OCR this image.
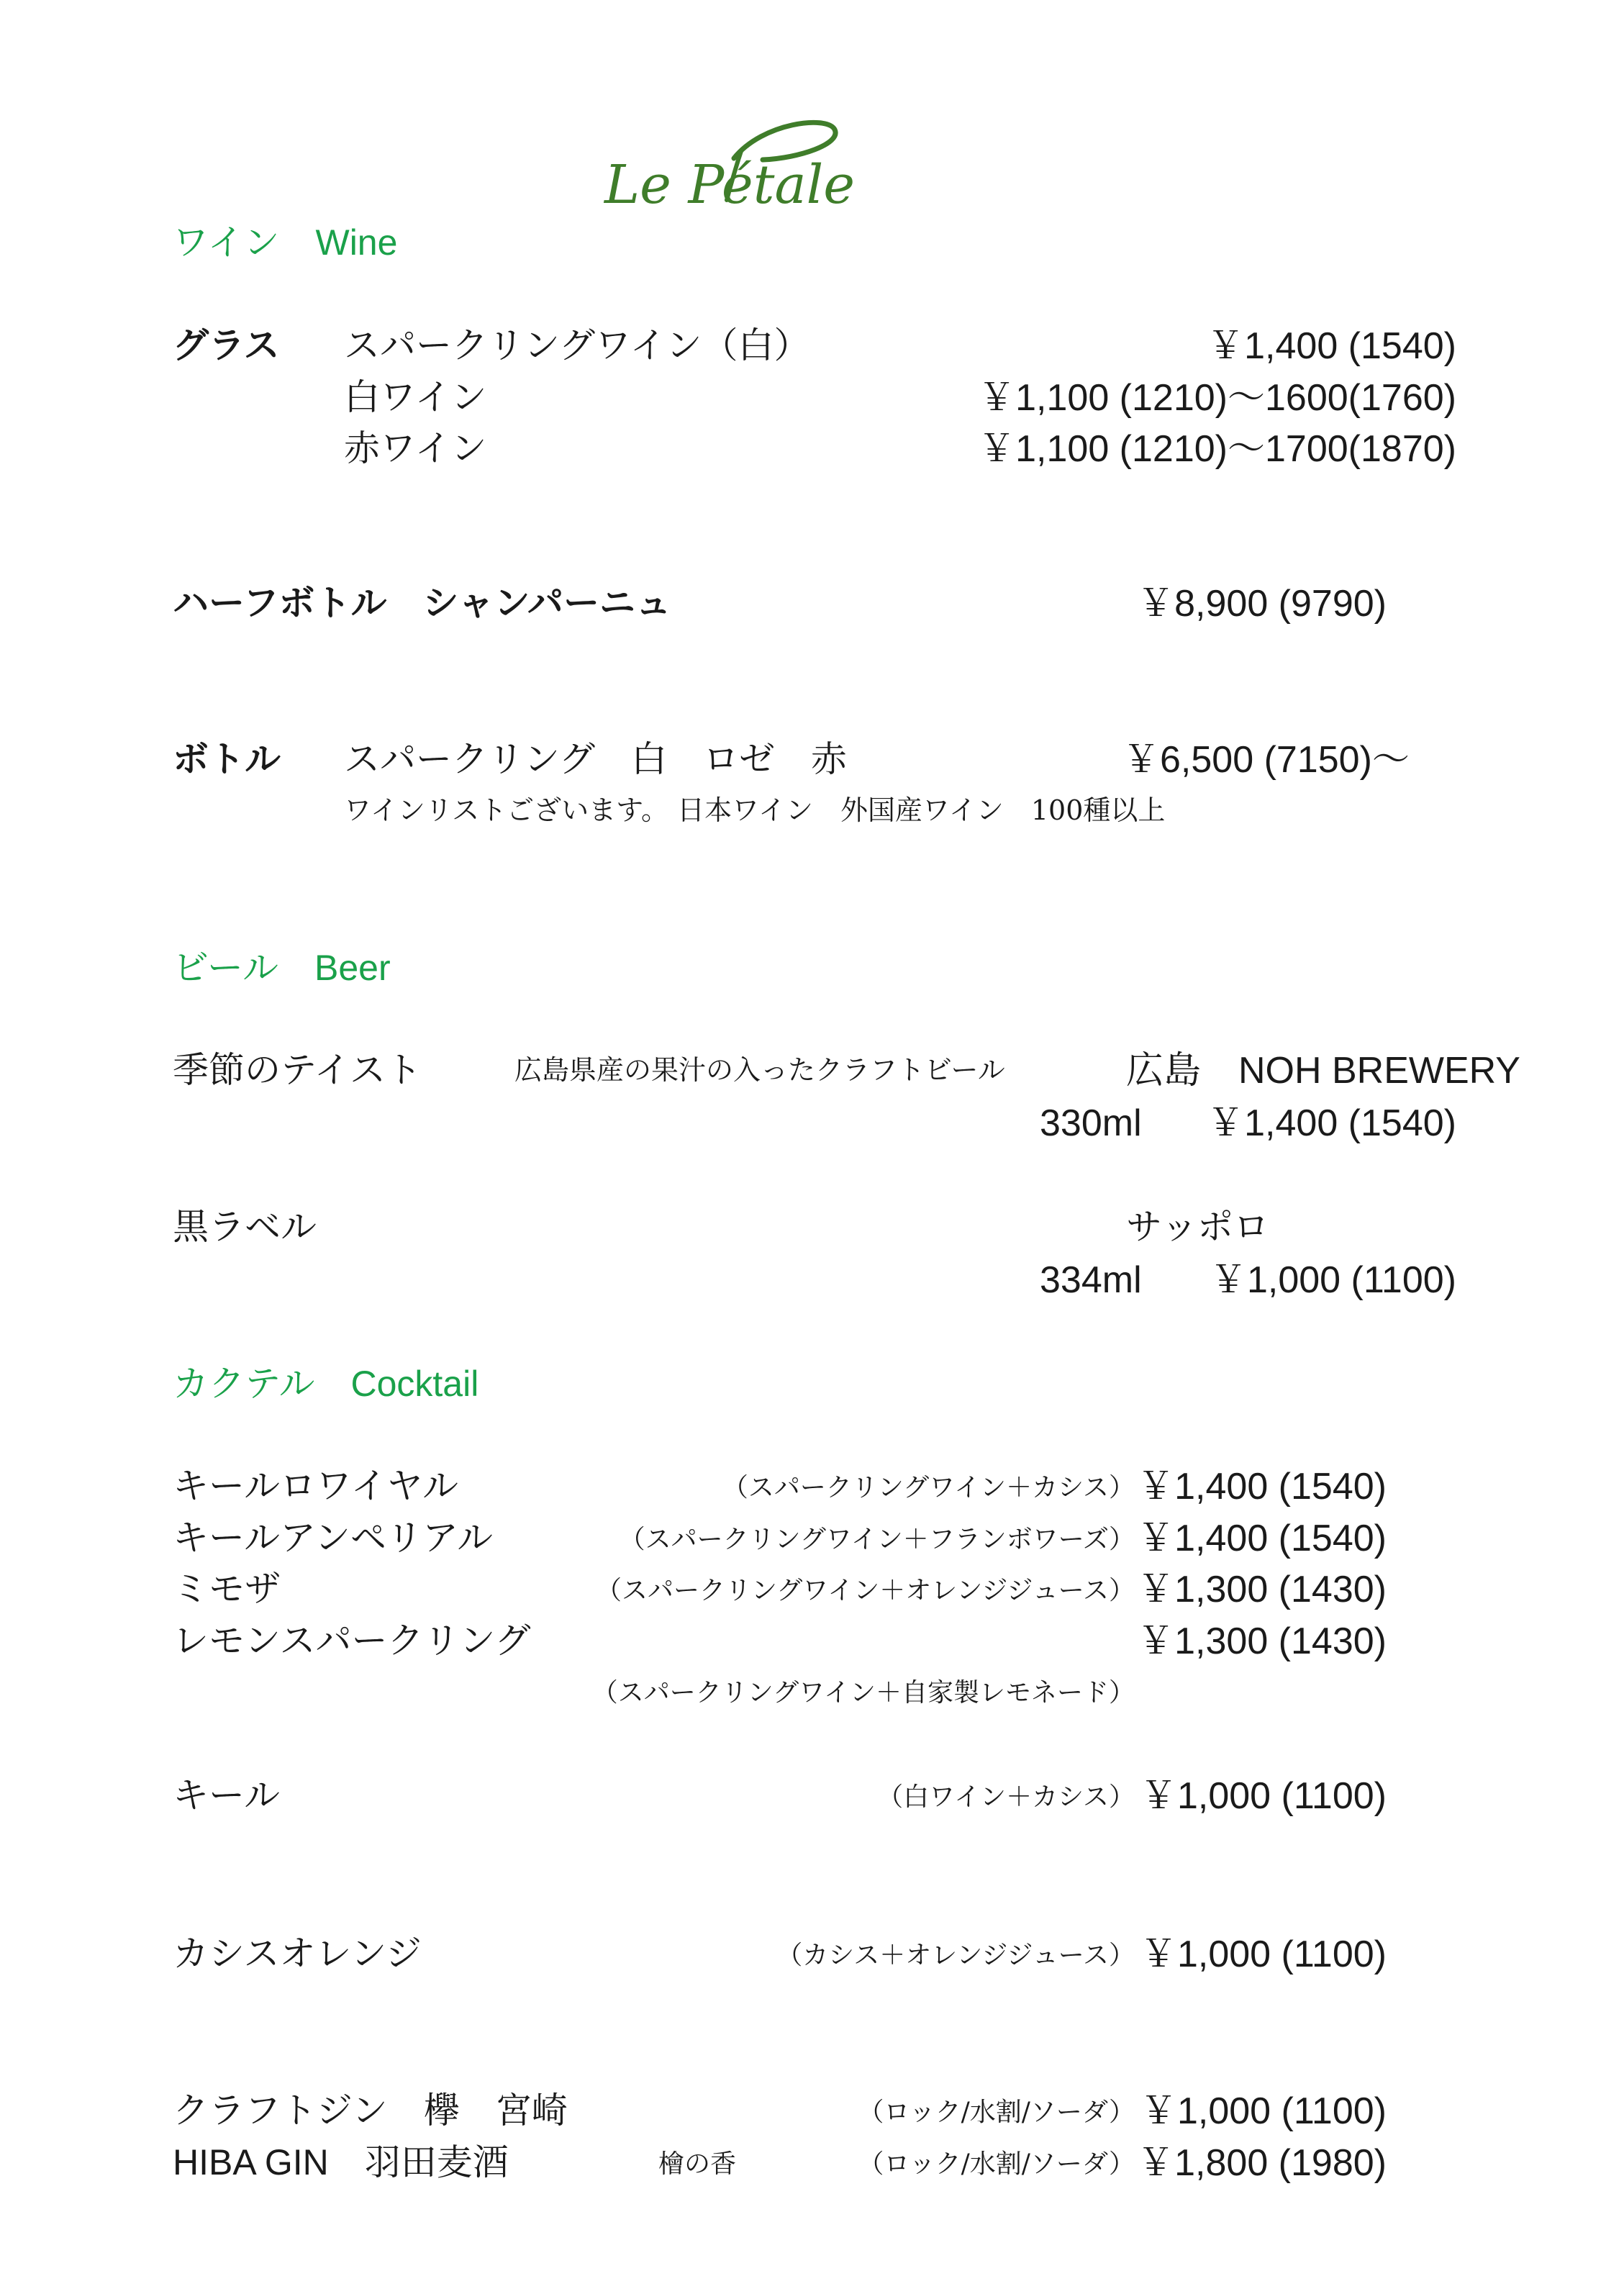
Le Pétale
ワイン　Wine
グラス スパークリングワイン（白）	￥1,400 (1540)
白ワイン	￥1,100 (1210)〜1600(1760)
赤ワイン	￥1,100 (1210)〜1700(1870)
ハーフボトル　シャンパーニュ	￥8,900 (9790)
ボトル スパークリング　白　ロゼ　赤	￥6,500 (7150)〜
ワインリストございます。 日本ワイン　外国産ワイン　100種以上
ビール　Beer
季節のテイスト	広島県産の果汁の入ったクラフトビール	広島　NOH BREWERY
330ml ￥1,400 (1540)
黒ラベル	サッポロ
334ml ￥1,000 (1100)
カクテル　Cocktail
キールロワイヤル	（スパークリングワイン＋カシス） ￥1,400 (1540)
キールアンペリアル	（スパークリングワイン＋フランボワーズ） ￥1,400 (1540)
ミモザ	（スパークリングワイン＋オレンジジュース） ￥1,300 (1430)
レモンスパークリング	￥1,300 (1430)
（スパークリングワイン＋自家製レモネード）
キール	（白ワイン＋カシス） ￥1,000 (1100)
カシスオレンジ	（カシス＋オレンジジュース） ￥1,000 (1100)
クラフトジン　欅　宮崎	（ロック/水割/ソーダ） ￥1,000 (1100)
HIBA GIN　羽田麦酒	檜の香	（ロック/水割/ソーダ） ￥1,800 (1980)
